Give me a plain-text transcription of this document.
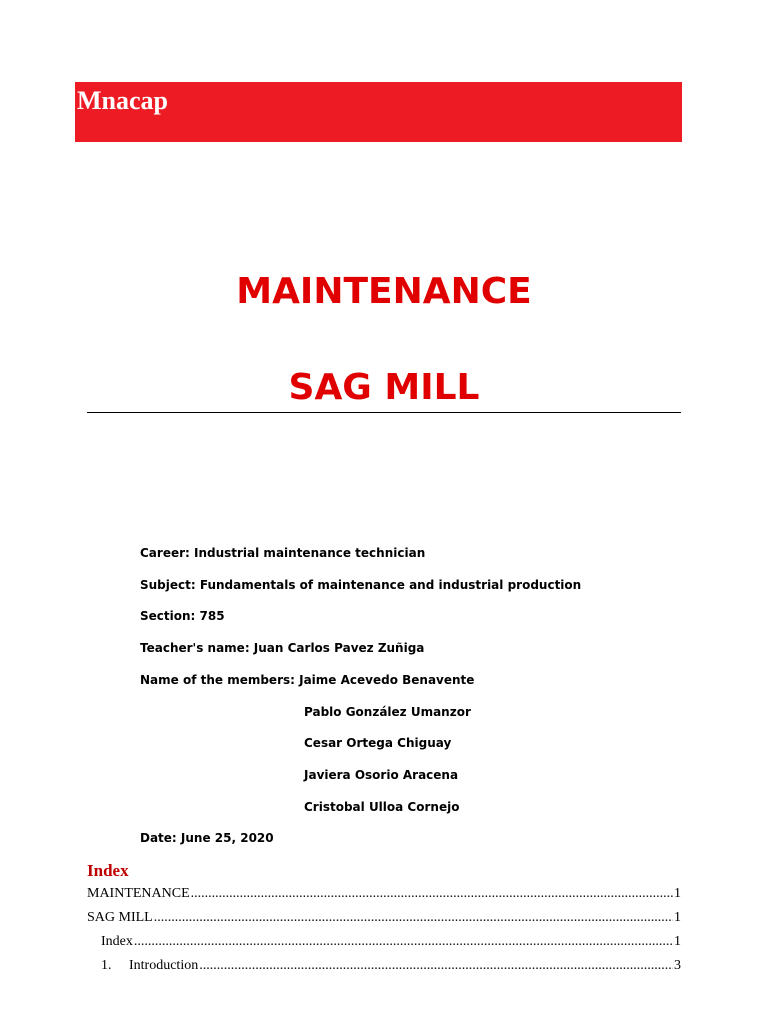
Mnacap
MAINTENANCE
SAG MILL
Career: Industrial maintenance technician
Subject: Fundamentals of maintenance and industrial production
Section: 785
Teacher's name: Juan Carlos Pavez Zuñiga
Name of the members: Jaime Acevedo Benavente
Pablo González Umanzor
Cesar Ortega Chiguay
Javiera Osorio Aracena
Cristobal Ulloa Cornejo
Date: June 25, 2020
Index
MAINTENANCE .....	1
SAG MILL .....	1
Index .....	1
1.	Introduction .....	3
